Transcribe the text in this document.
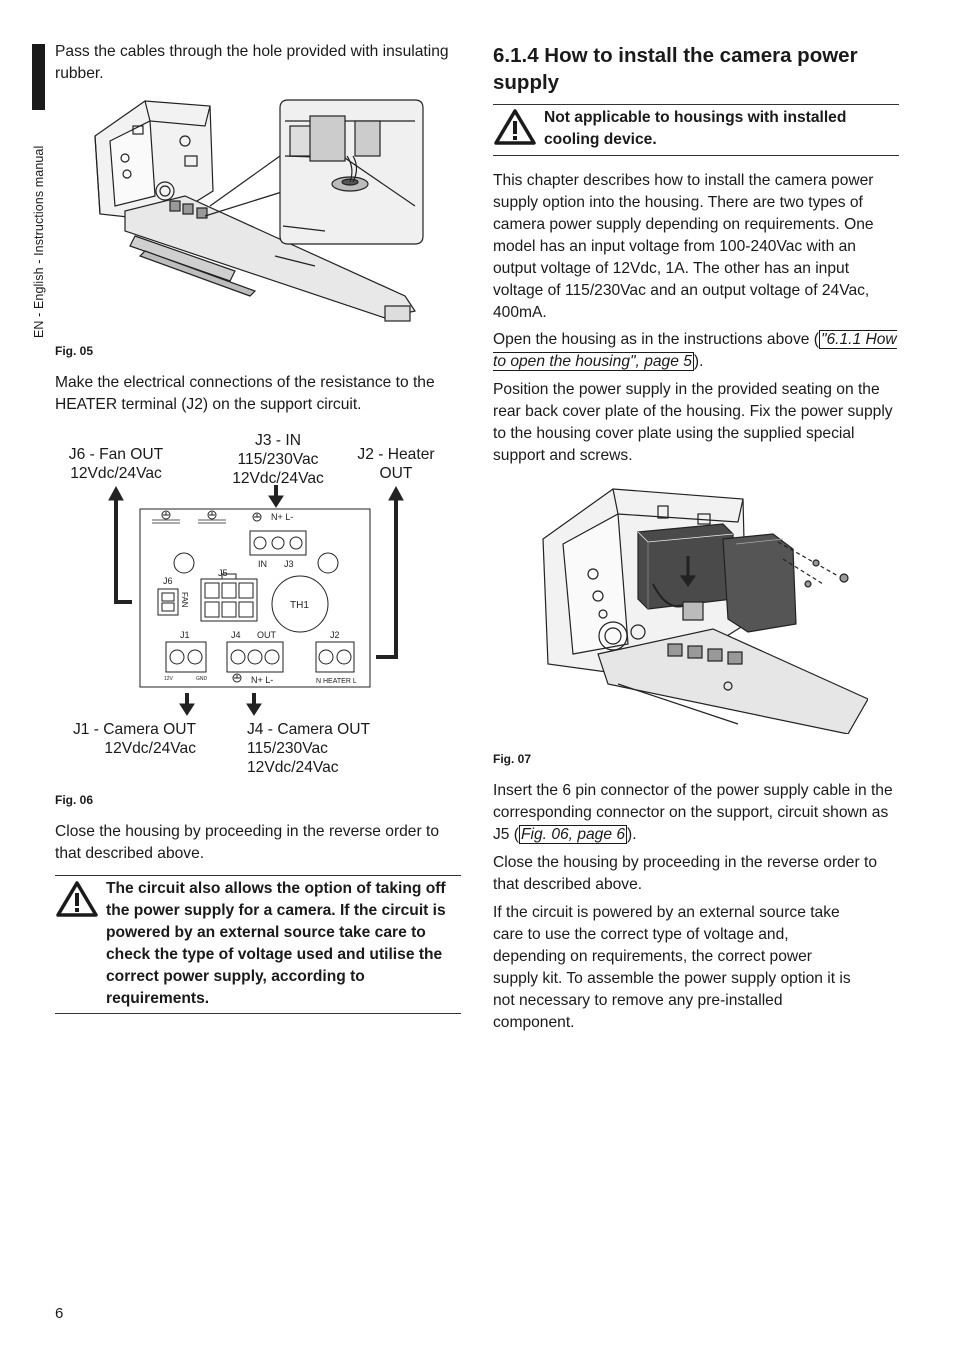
EN - English - Instructions manual

Pass the cables through the hole provided with insulating rubber.

Fig. 05

Make the electrical connections of the resistance to the HEATER terminal (J2) on the support circuit.

J6 - Fan OUT
12Vdc/24Vac
J3 - IN
115/230Vac
12Vdc/24Vac
J2 - Heater
OUT
J1 - Camera OUT
12Vdc/24Vac
J4 - Camera OUT
115/230Vac
12Vdc/24Vac
N+ L-
IN J3
J6
FAN
J5
TH1
J1	J4 OUT	J2
N+ L-	N HEATER L
12V	GND
Fig. 06

Close the housing by proceeding in the reverse order to that described above.

The circuit also allows the option of taking off the power supply for a camera. If the circuit is powered by an external source take care to check the type of voltage used and utilise the correct power supply, according to requirements.
6
6.1.4 How to install the camera power supply
Not applicable to housings with installed cooling device.

This chapter describes how to install the camera power supply option into the housing. There are two types of camera power supply depending on requirements. One model has an input voltage from 100-240Vac with an output voltage of 12Vdc, 1A. The other has an input voltage of 115/230Vac and an output voltage of 24Vac, 400mA.

Open the housing as in the instructions above ( "6.1.1 How to open the housing", page 5 ).

Position the power supply in the provided seating on the rear back cover plate of the housing. Fix the power supply to the housing cover plate using the supplied special support and screws.

Fig. 07

Insert the 6 pin connector of the power supply cable in the corresponding connector on the support, circuit shown as J5 ( Fig. 06, page 6 ).

Close the housing by proceeding in the reverse order to that described above.

If the circuit is powered by an external source take care to use the correct type of voltage and, depending on requirements, the correct power supply kit. To assemble the power supply option it is not necessary to remove any pre-installed component.
